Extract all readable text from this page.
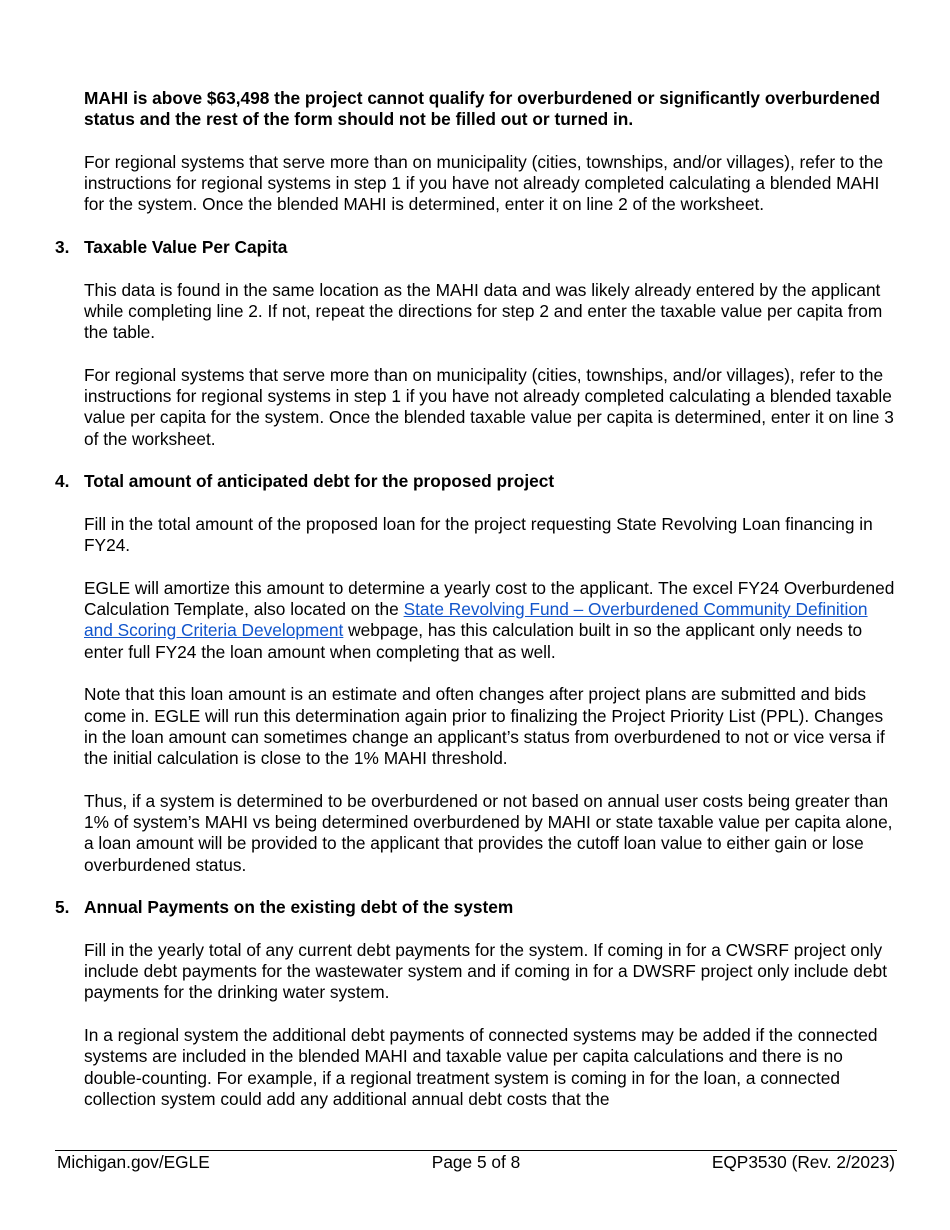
MAHI is above $63,498 the project cannot qualify for overburdened or significantly overburdened status and the rest of the form should not be filled out or turned in.

For regional systems that serve more than on municipality (cities, townships, and/or villages), refer to the instructions for regional systems in step 1 if you have not already completed calculating a blended MAHI for the system. Once the blended MAHI is determined, enter it on line 2 of the worksheet.

3. Taxable Value Per Capita

This data is found in the same location as the MAHI data and was likely already entered by the applicant while completing line 2. If not, repeat the directions for step 2 and enter the taxable value per capita from the table.

For regional systems that serve more than on municipality (cities, townships, and/or villages), refer to the instructions for regional systems in step 1 if you have not already completed calculating a blended taxable value per capita for the system. Once the blended taxable value per capita is determined, enter it on line 3 of the worksheet.

4. Total amount of anticipated debt for the proposed project

Fill in the total amount of the proposed loan for the project requesting State Revolving Loan financing in FY24.

EGLE will amortize this amount to determine a yearly cost to the applicant. The excel FY24 Overburdened Calculation Template, also located on the State Revolving Fund – Overburdened Community Definition and Scoring Criteria Development webpage, has this calculation built in so the applicant only needs to enter full FY24 the loan amount when completing that as well.

Note that this loan amount is an estimate and often changes after project plans are submitted and bids come in. EGLE will run this determination again prior to finalizing the Project Priority List (PPL). Changes in the loan amount can sometimes change an applicant’s status from overburdened to not or vice versa if the initial calculation is close to the 1% MAHI threshold.

Thus, if a system is determined to be overburdened or not based on annual user costs being greater than 1% of system’s MAHI vs being determined overburdened by MAHI or state taxable value per capita alone, a loan amount will be provided to the applicant that provides the cutoff loan value to either gain or lose overburdened status.

5. Annual Payments on the existing debt of the system

Fill in the yearly total of any current debt payments for the system. If coming in for a CWSRF project only include debt payments for the wastewater system and if coming in for a DWSRF project only include debt payments for the drinking water system.

In a regional system the additional debt payments of connected systems may be added if the connected systems are included in the blended MAHI and taxable value per capita calculations and there is no double-counting. For example, if a regional treatment system is coming in for the loan, a connected collection system could add any additional annual debt costs that the

Michigan.gov/EGLE	Page 5 of 8	EQP3530 (Rev. 2/2023)
